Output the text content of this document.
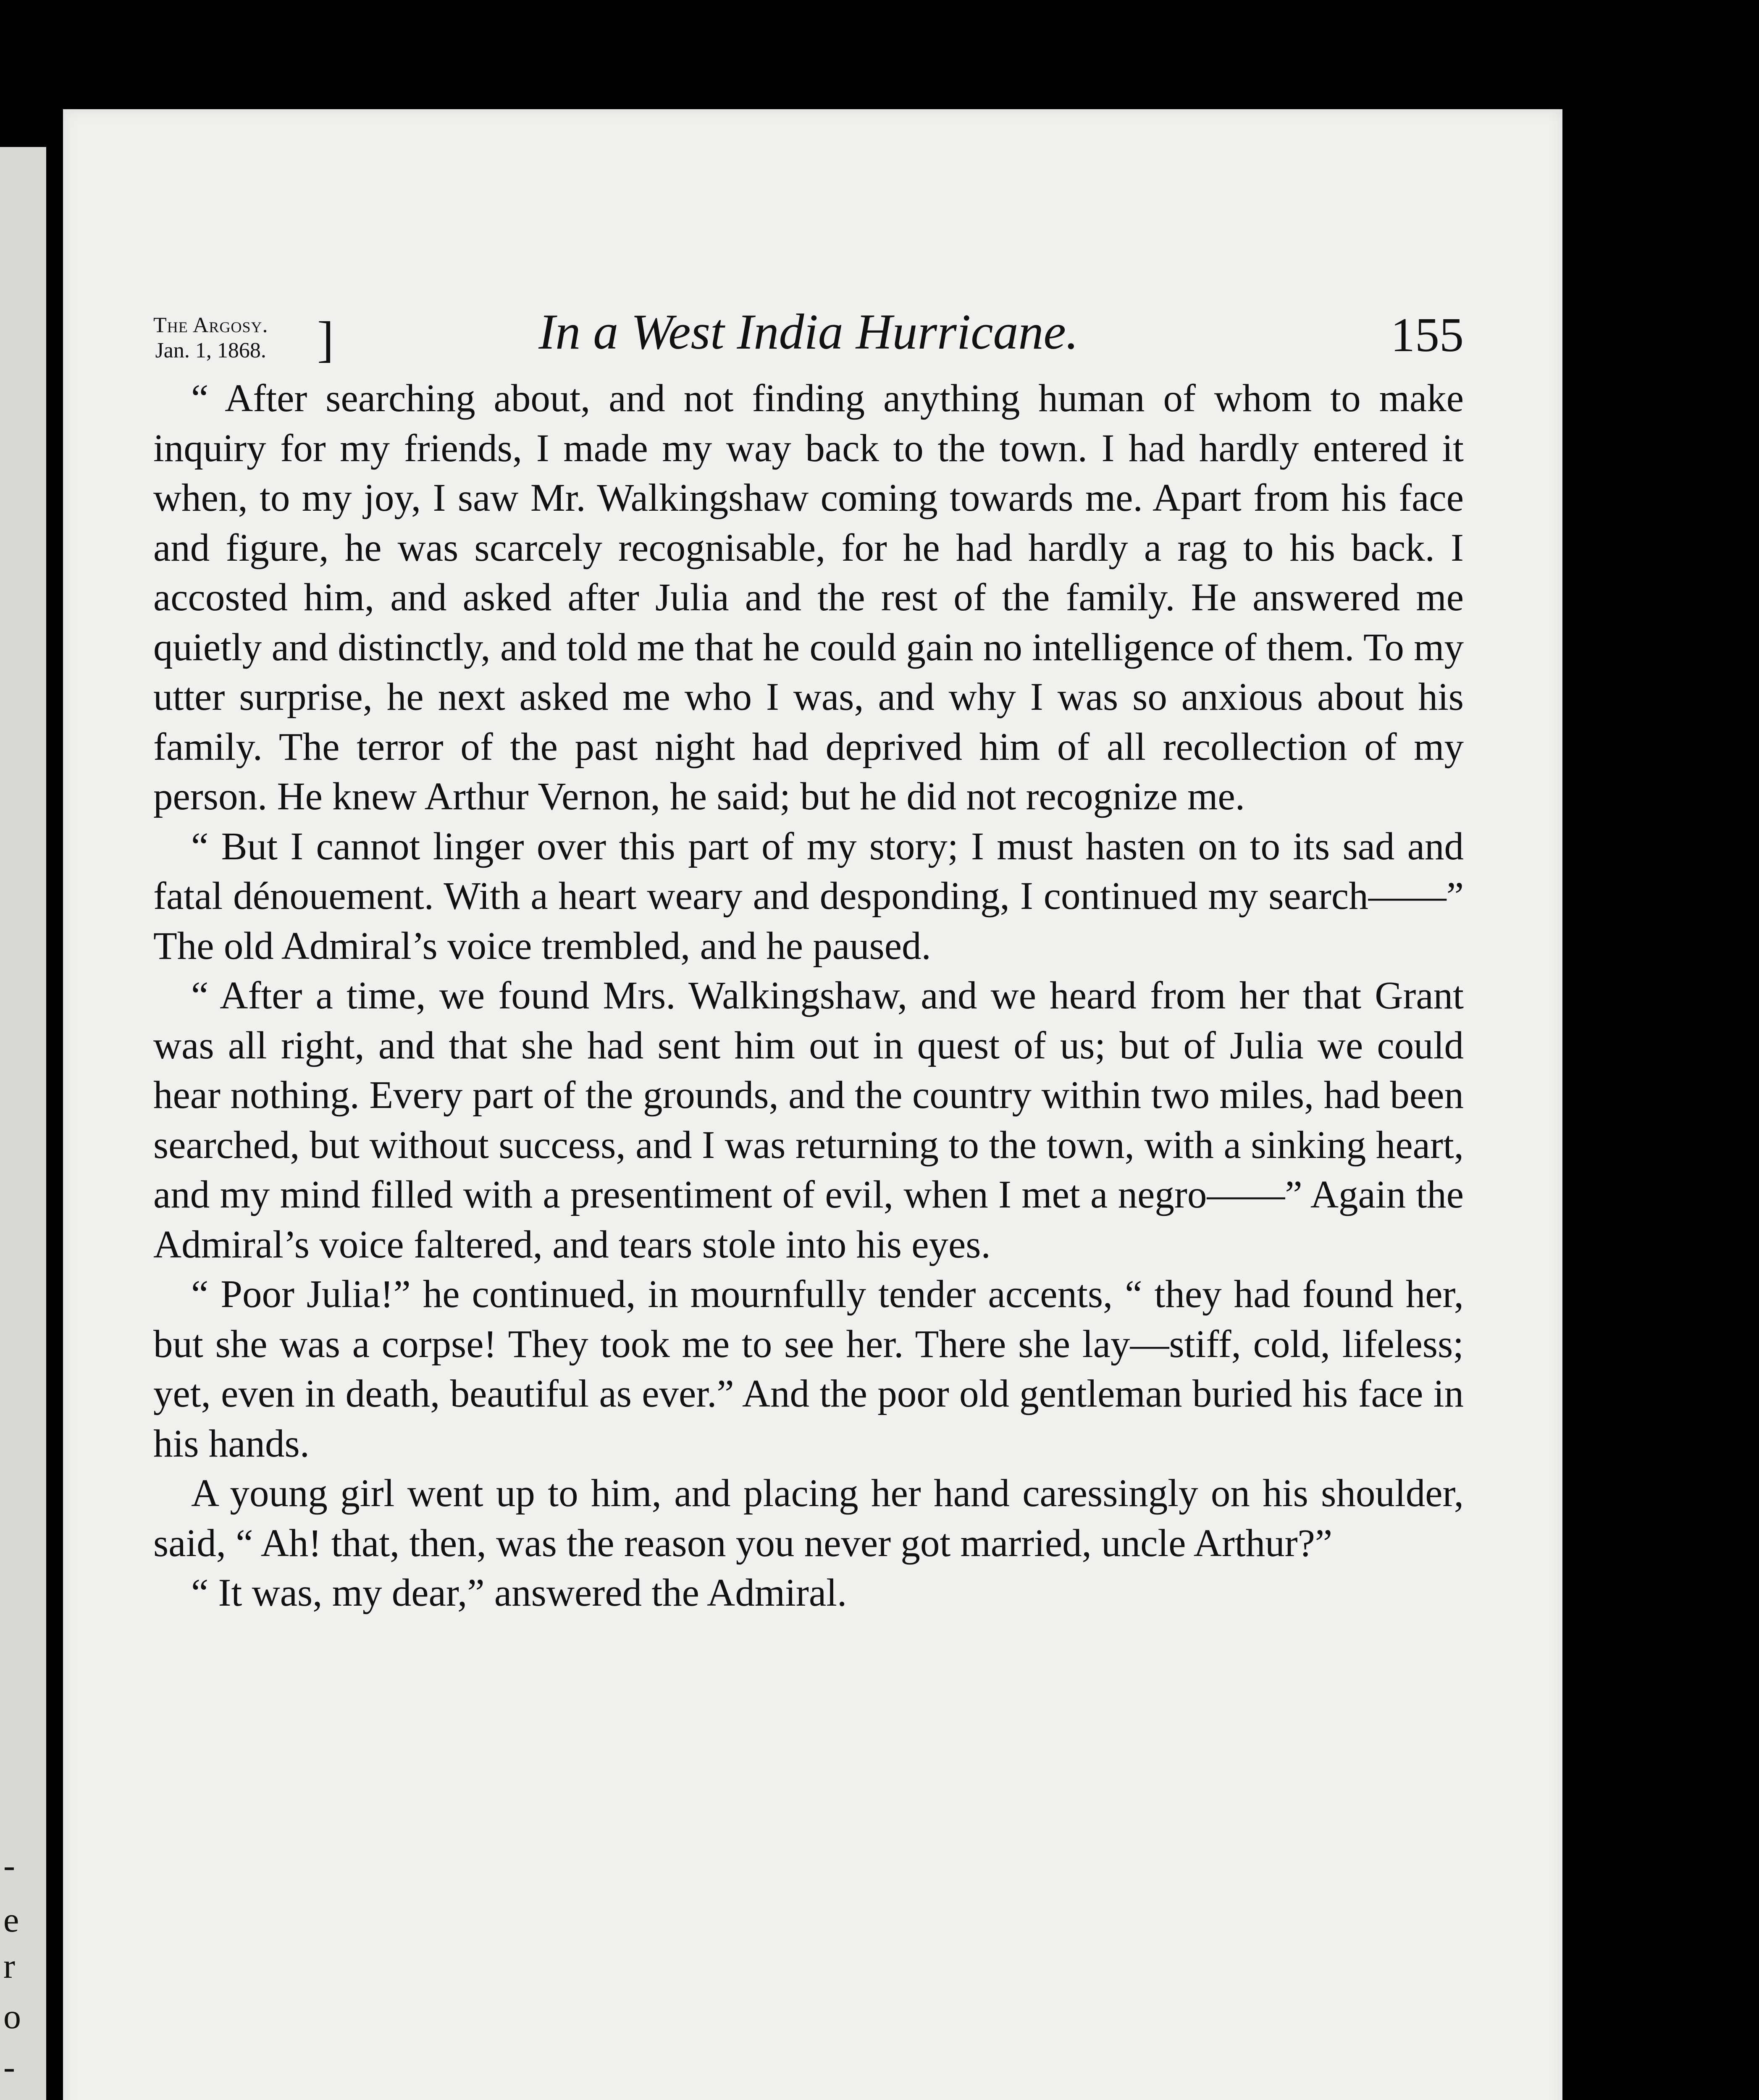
-
e
r
o
-
The Argosy.
Jan. 1, 1868. ]	In a West India Hurricane.	155

“ After searching about, and not finding anything human of whom to make inquiry for my friends, I made my way back to the town. I had hardly entered it when, to my joy, I saw Mr. Walkingshaw coming towards me. Apart from his face and figure, he was scarcely recognisable, for he had hardly a rag to his back. I accosted him, and asked after Julia and the rest of the family. He answered me quietly and distinctly, and told me that he could gain no intelligence of them. To my utter surprise, he next asked me who I was, and why I was so anxious about his family. The terror of the past night had deprived him of all recollection of my person. He knew Arthur Vernon, he said; but he did not recognize me.

“ But I cannot linger over this part of my story; I must hasten on to its sad and fatal dénouement. With a heart weary and desponding, I continued my search——” The old Admiral’s voice trembled, and he paused.

“ After a time, we found Mrs. Walkingshaw, and we heard from her that Grant was all right, and that she had sent him out in quest of us; but of Julia we could hear nothing. Every part of the grounds, and the country within two miles, had been searched, but without success, and I was returning to the town, with a sinking heart, and my mind filled with a presentiment of evil, when I met a negro——” Again the Admiral’s voice faltered, and tears stole into his eyes.

“ Poor Julia!” he continued, in mournfully tender accents, “ they had found her, but she was a corpse! They took me to see her. There she lay—stiff, cold, lifeless; yet, even in death, beautiful as ever.” And the poor old gentleman buried his face in his hands.

A young girl went up to him, and placing her hand caressingly on his shoulder, said, “ Ah! that, then, was the reason you never got married, uncle Arthur?”

“ It was, my dear,” answered the Admiral.
